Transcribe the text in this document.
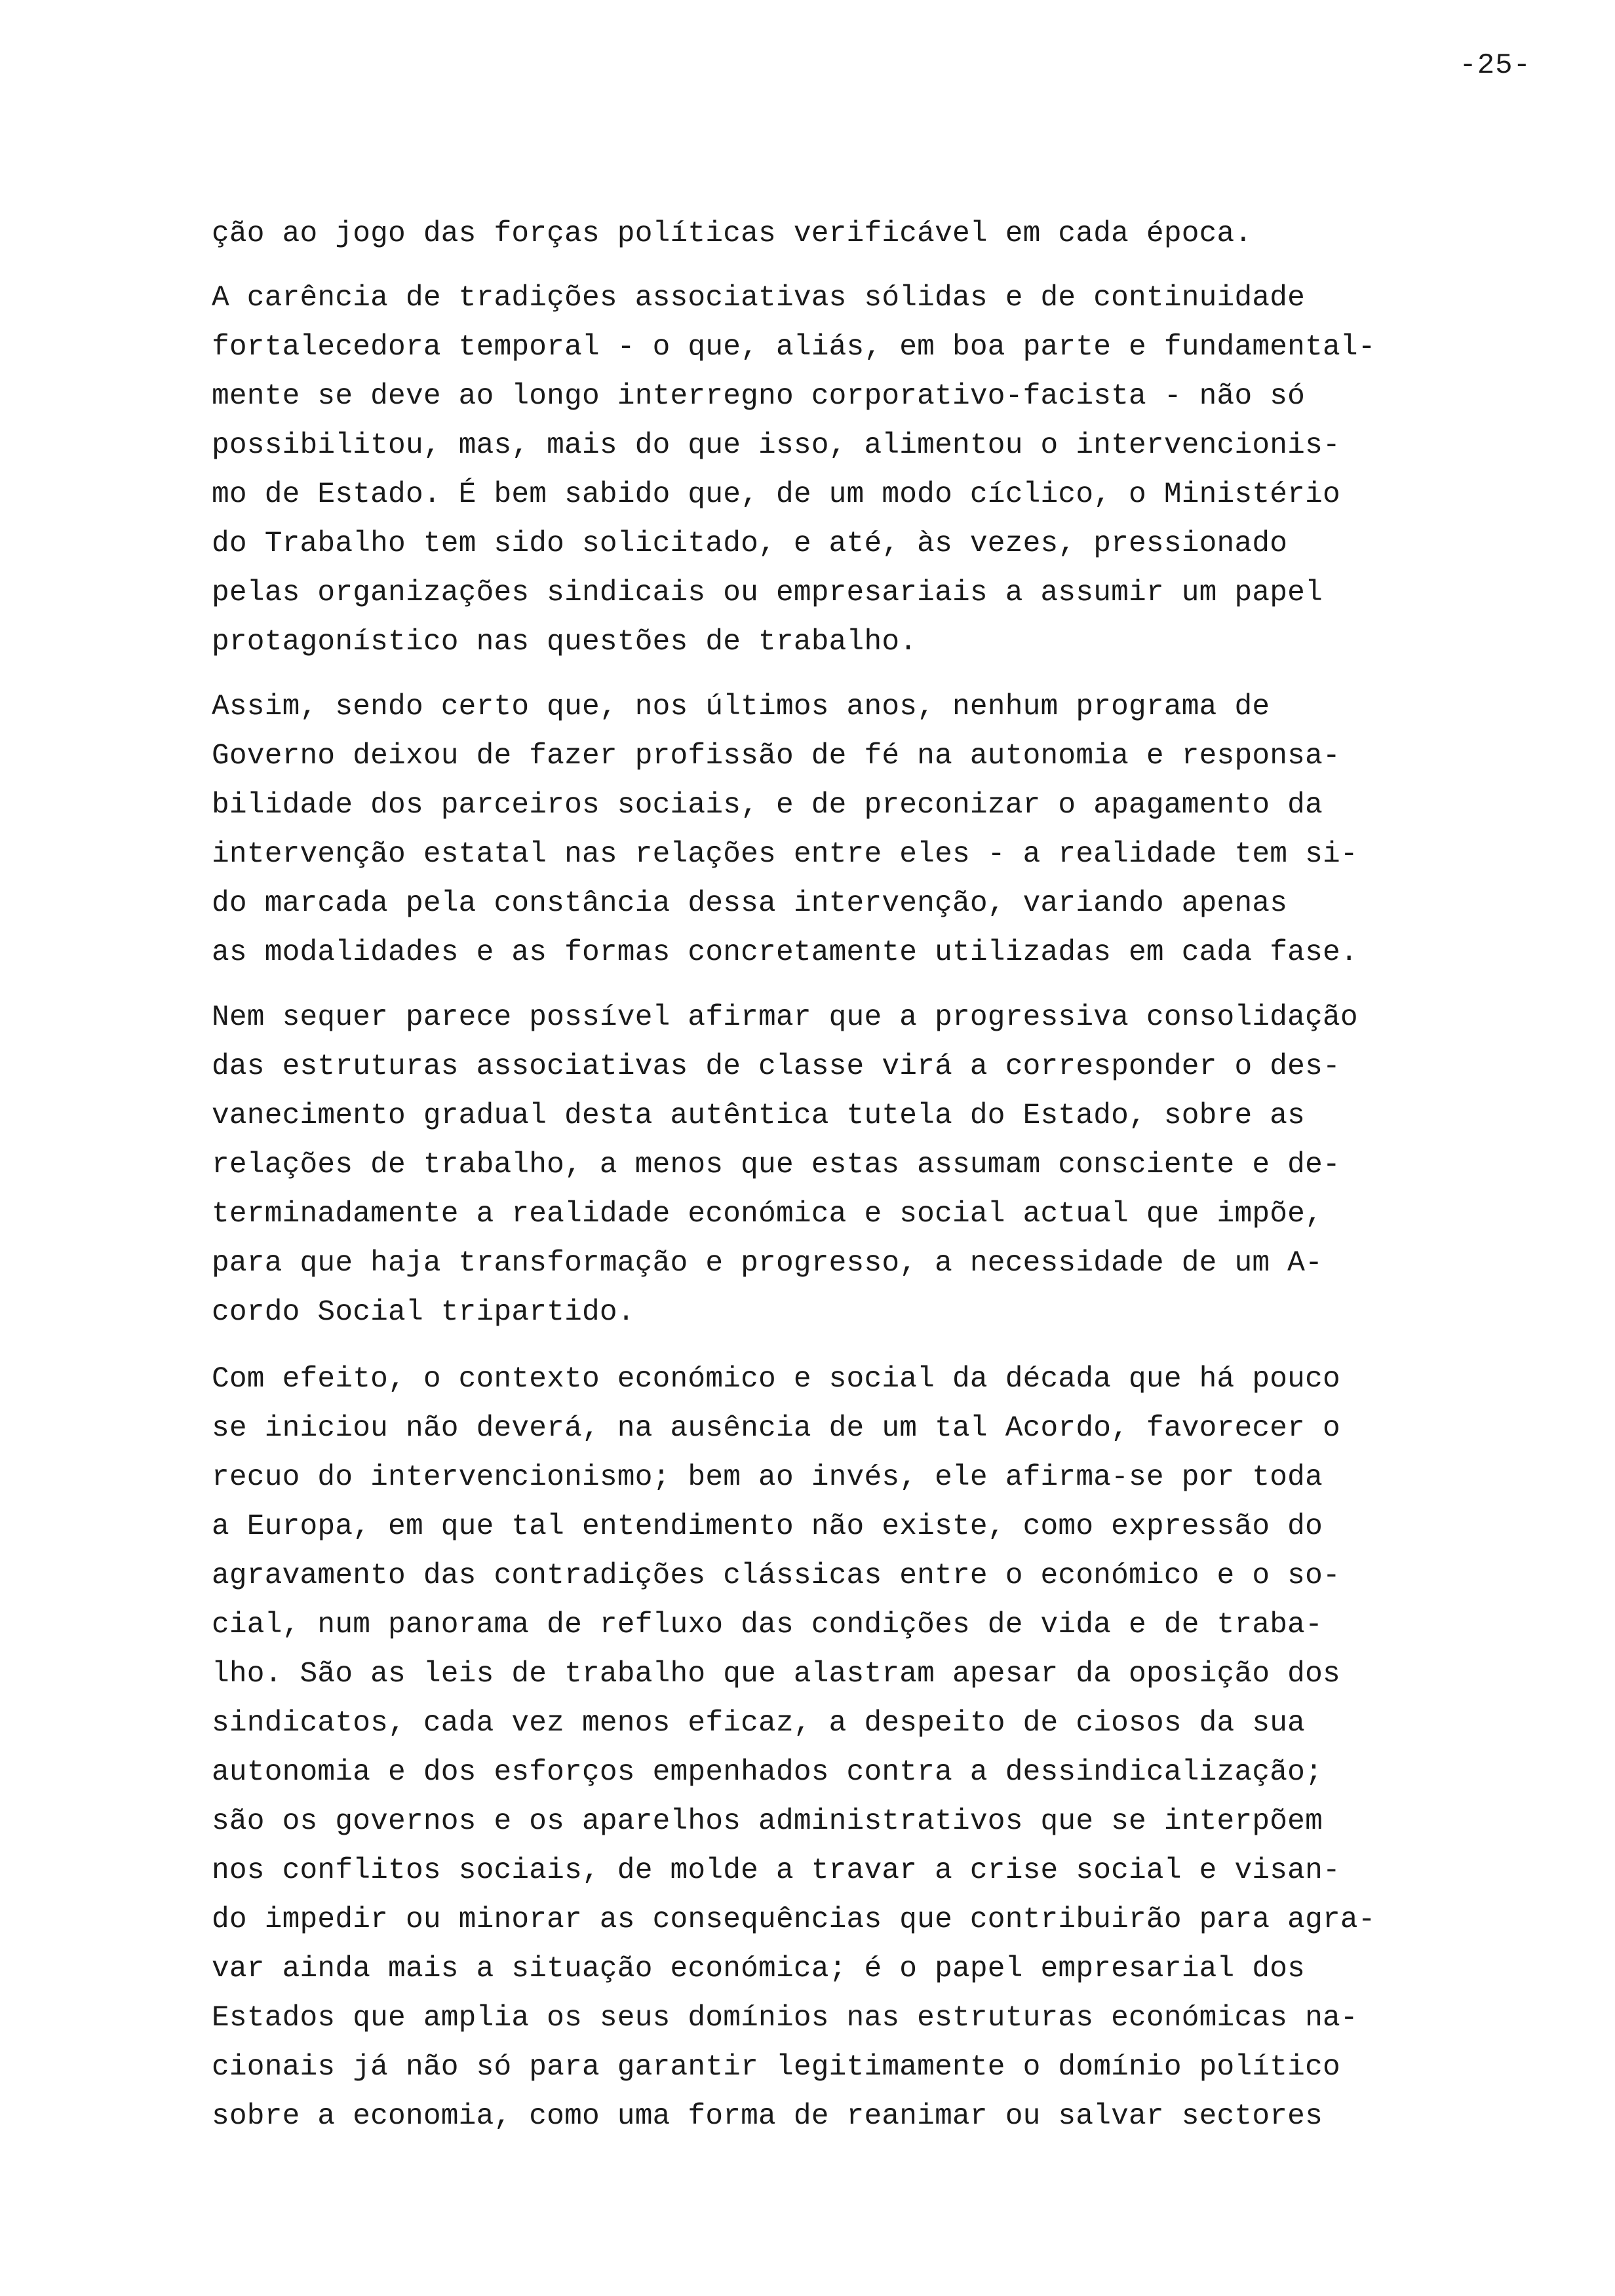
-25-
ção ao jogo das forças políticas verificável em cada época.
A carência de tradições associativas sólidas e de continuidade
fortalecedora temporal - o que, aliás, em boa parte e fundamental-
mente se deve ao longo interregno corporativo-facista - não só
possibilitou, mas, mais do que isso, alimentou o intervencionis-
mo de Estado. É bem sabido que, de um modo cíclico, o Ministério
do Trabalho tem sido solicitado, e até, às vezes, pressionado
pelas organizações sindicais ou empresariais a assumir um papel
protagonístico nas questões de trabalho.
Assim, sendo certo que, nos últimos anos, nenhum programa de
Governo deixou de fazer profissão de fé na autonomia e responsa-
bilidade dos parceiros sociais, e de preconizar o apagamento da
intervenção estatal nas relações entre eles - a realidade tem si-
do marcada pela constância dessa intervenção, variando apenas
as modalidades e as formas concretamente utilizadas em cada fase.
Nem sequer parece possível afirmar que a progressiva consolidação
das estruturas associativas de classe virá a corresponder o des-
vanecimento gradual desta autêntica tutela do Estado, sobre as
relações de trabalho, a menos que estas assumam consciente e de-
terminadamente a realidade económica e social actual que impõe,
para que haja transformação e progresso, a necessidade de um A-
cordo Social tripartido.
Com efeito, o contexto económico e social da década que há pouco
se iniciou não deverá, na ausência de um tal Acordo, favorecer o
recuo do intervencionismo; bem ao invés, ele afirma-se por toda
a Europa, em que tal entendimento não existe, como expressão do
agravamento das contradições clássicas entre o económico e o so-
cial, num panorama de refluxo das condições de vida e de traba-
lho. São as leis de trabalho que alastram apesar da oposição dos
sindicatos, cada vez menos eficaz, a despeito de ciosos da sua
autonomia e dos esforços empenhados contra a dessindicalização;
são os governos e os aparelhos administrativos que se interpõem
nos conflitos sociais, de molde a travar a crise social e visan-
do impedir ou minorar as consequências que contribuirão para agra-
var ainda mais a situação económica; é o papel empresarial dos
Estados que amplia os seus domínios nas estruturas económicas na-
cionais já não só para garantir legitimamente o domínio político
sobre a economia, como uma forma de reanimar ou salvar sectores
